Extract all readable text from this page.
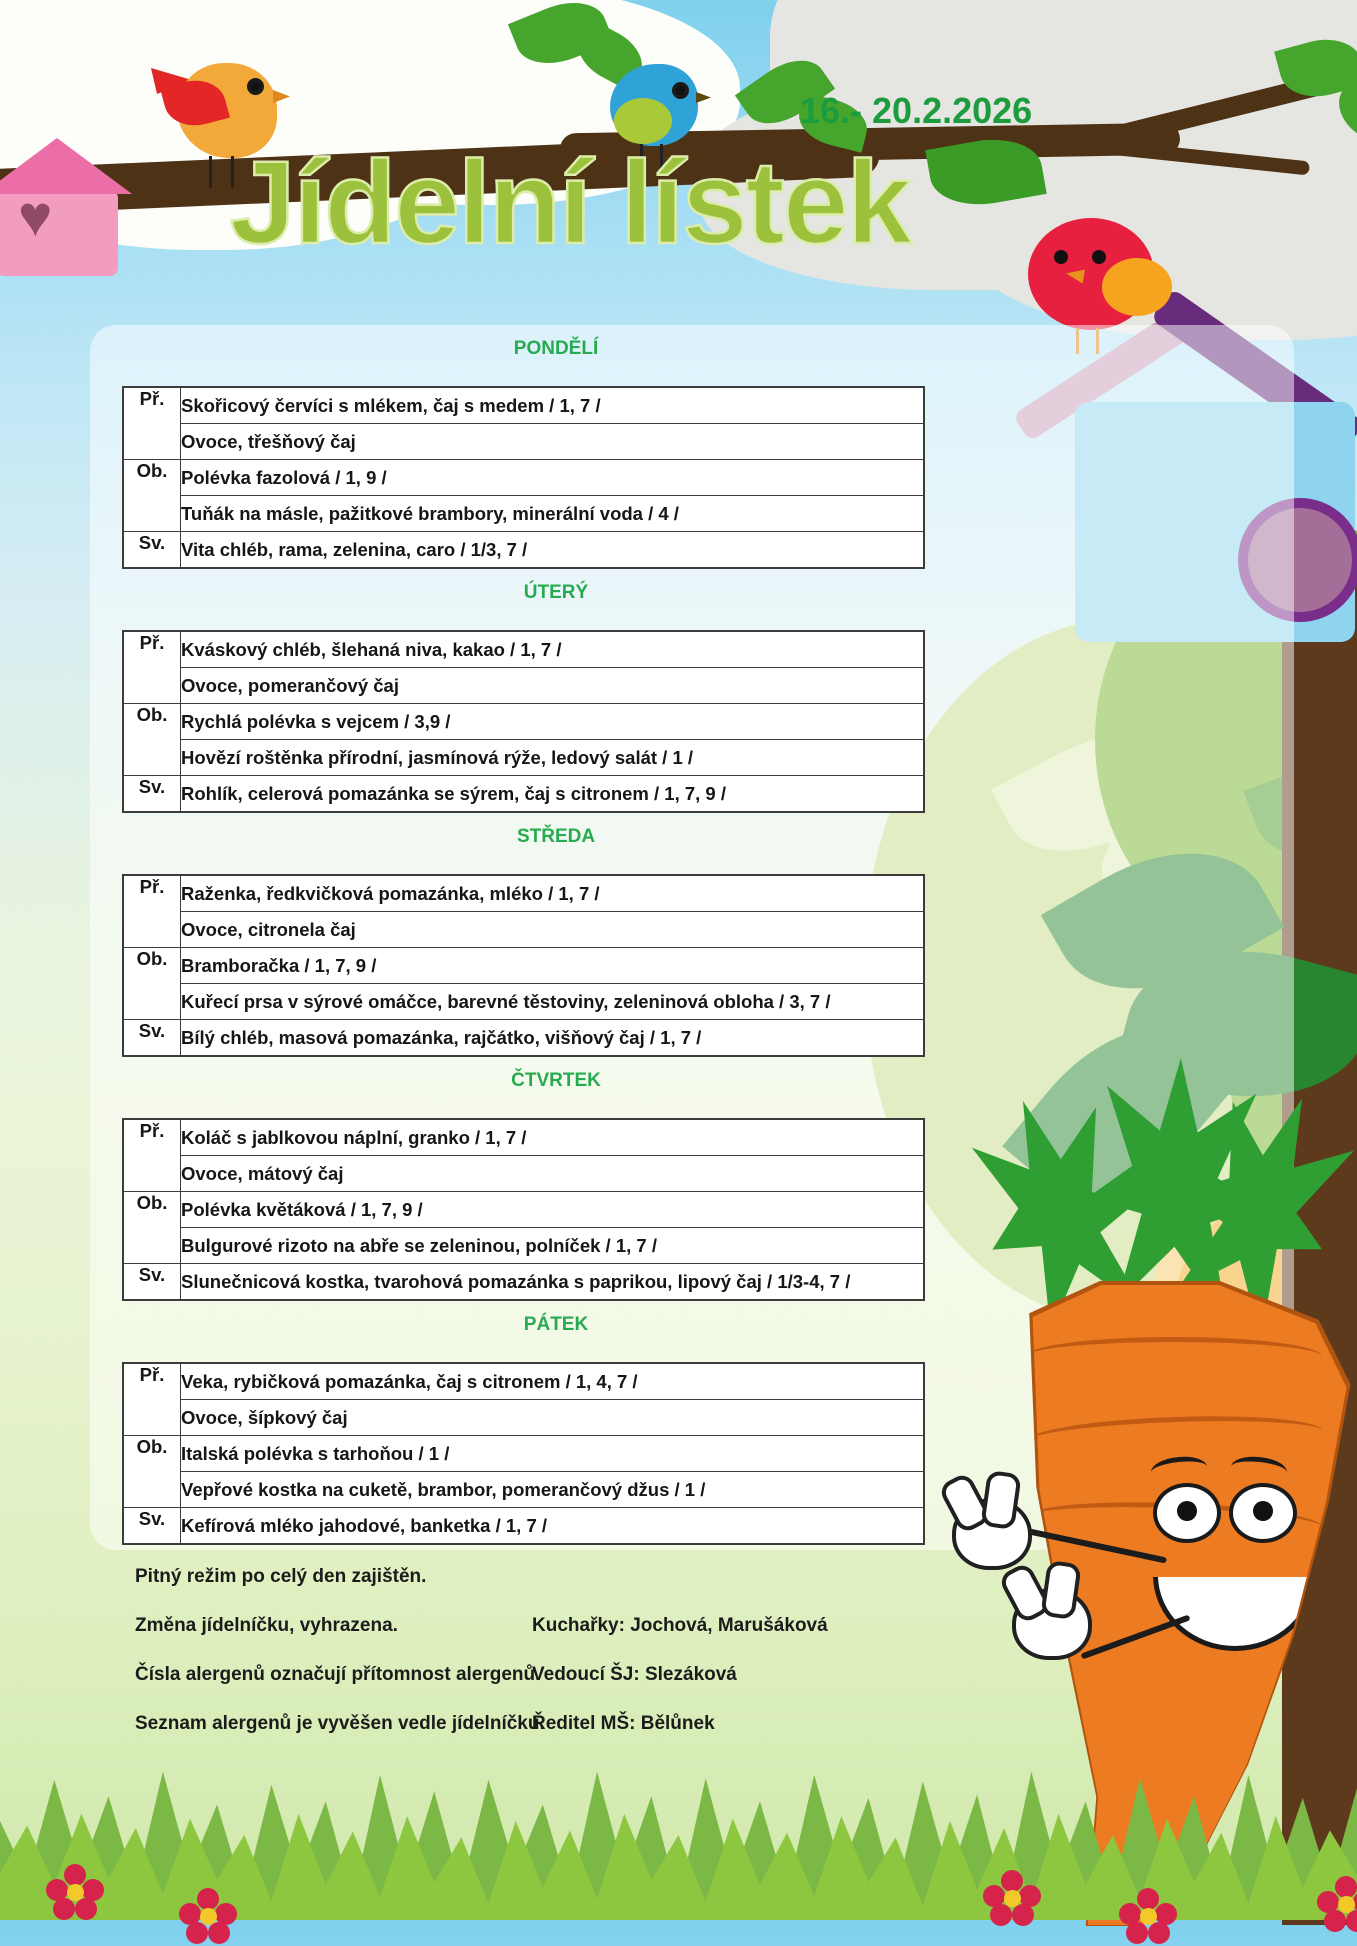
♥
16.- 20.2.2026
Jídelní lístek
PONDĚLÍ
Př.	Skořicový červíci s mlékem, čaj s medem / 1, 7 /
	Ovoce, třešňový čaj
Ob.	Polévka fazolová / 1, 9 /
	Tuňák na másle, pažitkové brambory, minerální voda / 4 /
Sv.	Vita chléb, rama, zelenina, caro / 1/3, 7 /
ÚTERÝ
Př.	Kváskový chléb, šlehaná niva, kakao / 1, 7 /
	Ovoce, pomerančový čaj
Ob.	Rychlá polévka s vejcem / 3,9 /
	Hovězí roštěnka přírodní, jasmínová rýže, ledový salát / 1 /
Sv.	Rohlík, celerová pomazánka se sýrem, čaj s citronem / 1, 7, 9 /
STŘEDA
Př.	Raženka, ředkvičková pomazánka, mléko / 1, 7 /
	Ovoce, citronela čaj
Ob.	Bramboračka / 1, 7, 9 /
	Kuřecí prsa v sýrové omáčce, barevné těstoviny, zeleninová obloha / 3, 7 /
Sv.	Bílý chléb, masová pomazánka, rajčátko, višňový čaj / 1, 7 /
ČTVRTEK
Př.	Koláč s jablkovou náplní, granko / 1, 7 /
	Ovoce, mátový čaj
Ob.	Polévka květáková / 1, 7, 9 /
	Bulgurové rizoto na abře se zeleninou, polníček / 1, 7 /
Sv.	Slunečnicová kostka, tvarohová pomazánka s paprikou, lipový čaj / 1/3-4, 7 /
PÁTEK
Př.	Veka, rybičková pomazánka, čaj s citronem / 1, 4, 7 /
	Ovoce, šípkový čaj
Ob.	Italská polévka s tarhoňou / 1 /
	Vepřové kostka na cuketě, brambor, pomerančový džus / 1 /
Sv.	Kefírová mléko jahodové, banketka / 1, 7 /
Pitný režim po celý den zajištěn.
Změna jídelníčku, vyhrazena.	Kuchařky: Jochová, Marušáková
Čísla alergenů označují přítomnost alergenů.
Vedoucí ŠJ: Slezáková
Seznam alergenů je vyvěšen vedle jídelníčku.
Ředitel MŠ: Bělůnek
